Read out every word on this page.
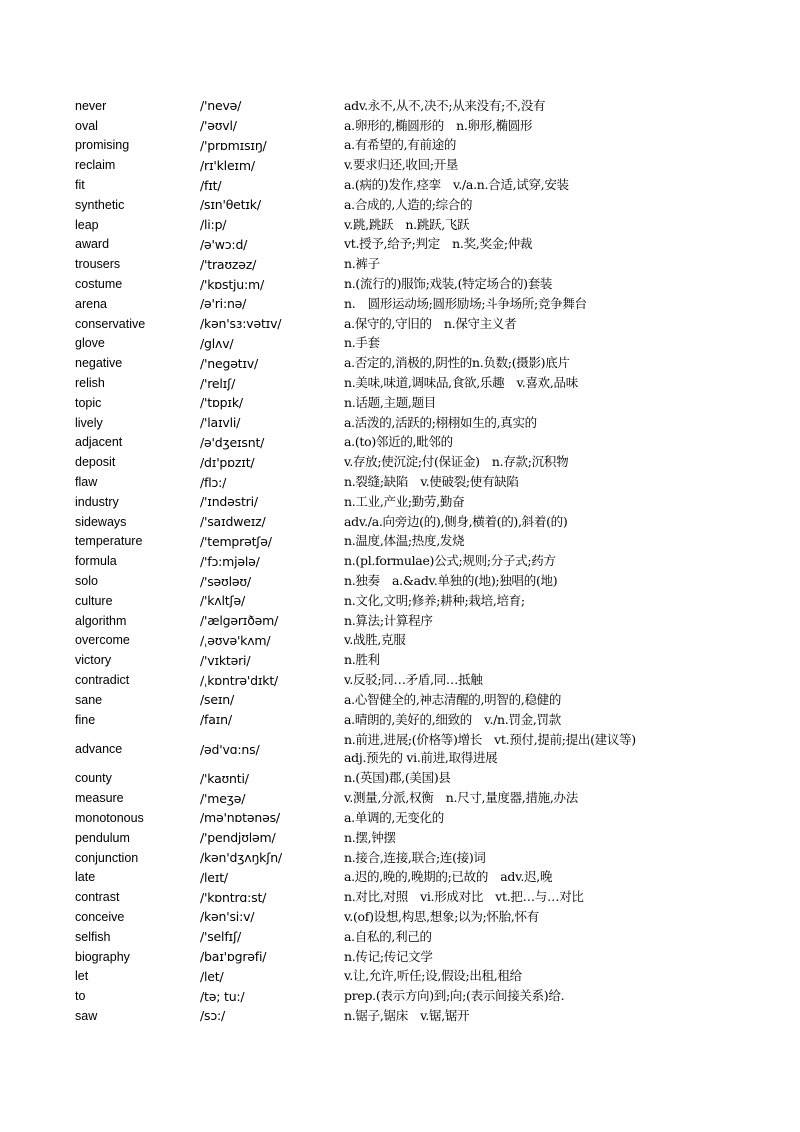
never	/'nevə/	adv.永不,从不,决不;从来没有;不,没有

oval	/'əʊvl/	a.卵形的,椭圆形的　n.卵形,椭圆形

promising	/'prɒmɪsɪŋ/	a.有希望的,有前途的

reclaim	/rɪ'kleɪm/	v.要求归还,收回;开垦

fit	/fɪt/	a.(病的)发作,痉挛　v./a.n.合适,试穿,安装

synthetic	/sɪn'θetɪk/	a.合成的,人造的;综合的

leap	/li:p/	v.跳,跳跃　n.跳跃,飞跃

award	/ə'wɔ:d/	vt.授予,给予;判定　n.奖,奖金;仲裁

trousers	/'traʊzəz/	n.裤子

costume	/'kɒstju:m/	n.(流行的)服饰;戏装,(特定场合的)套装

arena	/ə'ri:nə/	n.　圆形运动场;圆形励场;斗争场所;竞争舞台

conservative	/kən'sɜ:vətɪv/	a.保守的,守旧的　n.保守主义者

glove	/glʌv/	n.手套

negative	/'negətɪv/	a.否定的,消极的,阴性的n.负数;(摄影)底片

relish	/'relɪʃ/	n.美味,味道,调味品,食欲,乐趣　v.喜欢,品味

topic	/'tɒpɪk/	n.话题,主题,题目

lively	/'laɪvli/	a.活泼的,活跃的;栩栩如生的,真实的

adjacent	/ə'dʒeɪsnt/	a.(to)邻近的,毗邻的

deposit	/dɪ'pɒzɪt/	v.存放;使沉淀;付(保证金)　n.存款;沉积物

flaw	/flɔ:/	n.裂缝;缺陷　v.使破裂;使有缺陷

industry	/'ɪndəstri/	n.工业,产业;勤劳,勤奋

sideways	/'saɪdweɪz/	adv./a.向旁边(的),侧身,横着(的),斜着(的)

temperature	/'temprətʃə/	n.温度,体温;热度,发烧

formula	/'fɔ:mjələ/	n.(pl.formulae)公式;规则;分子式;药方

solo	/'səʊləʊ/	n.独奏　a.&adv.单独的(地);独唱的(地)

culture	/'kʌltʃə/	n.文化,文明;修养;耕种;栽培,培育;

algorithm	/'ælgərɪðəm/	n.算法;计算程序

overcome	/ˌəʊvə'kʌm/	v.战胜,克服

victory	/'vɪktəri/	n.胜利

contradict	/ˌkɒntrə'dɪkt/	v.反驳;同…矛盾,同…抵触

sane	/seɪn/	a.心智健全的,神志清醒的,明智的,稳健的

fine	/faɪn/	a.晴朗的,美好的,细致的　v./n.罚金,罚款

advance	/əd'vɑ:ns/	n.前进,进展;(价格等)增长　vt.预付,提前;提出(建议等)
adj.预先的 vi.前进,取得进展

county	/'kaʊnti/	n.(英国)郡,(美国)县

measure	/'meʒə/	v.测量,分派,权衡　n.尺寸,量度器,措施,办法

monotonous	/mə'nɒtənəs/	a.单调的,无变化的

pendulum	/'pendjʊləm/	n.摆,钟摆

conjunction	/kən'dʒʌŋkʃn/	n.接合,连接,联合;连(接)词

late	/leɪt/	a.迟的,晚的,晚期的;已故的　adv.迟,晚

contrast	/'kɒntrɑ:st/	n.对比,对照　vi.形成对比　vt.把…与…对比

conceive	/kən'si:v/	v.(of)设想,构思,想象;以为;怀胎,怀有

selfish	/'selfɪʃ/	a.自私的,利己的

biography	/baɪ'ɒgrəfi/	n.传记;传记文学

let	/let/	v.让,允许,听任;设,假设;出租,租给

to	/tə; tu:/	prep.(表示方向)到;向;(表示间接关系)给.

saw	/sɔ:/	n.锯子,锯床　v.锯,锯开
